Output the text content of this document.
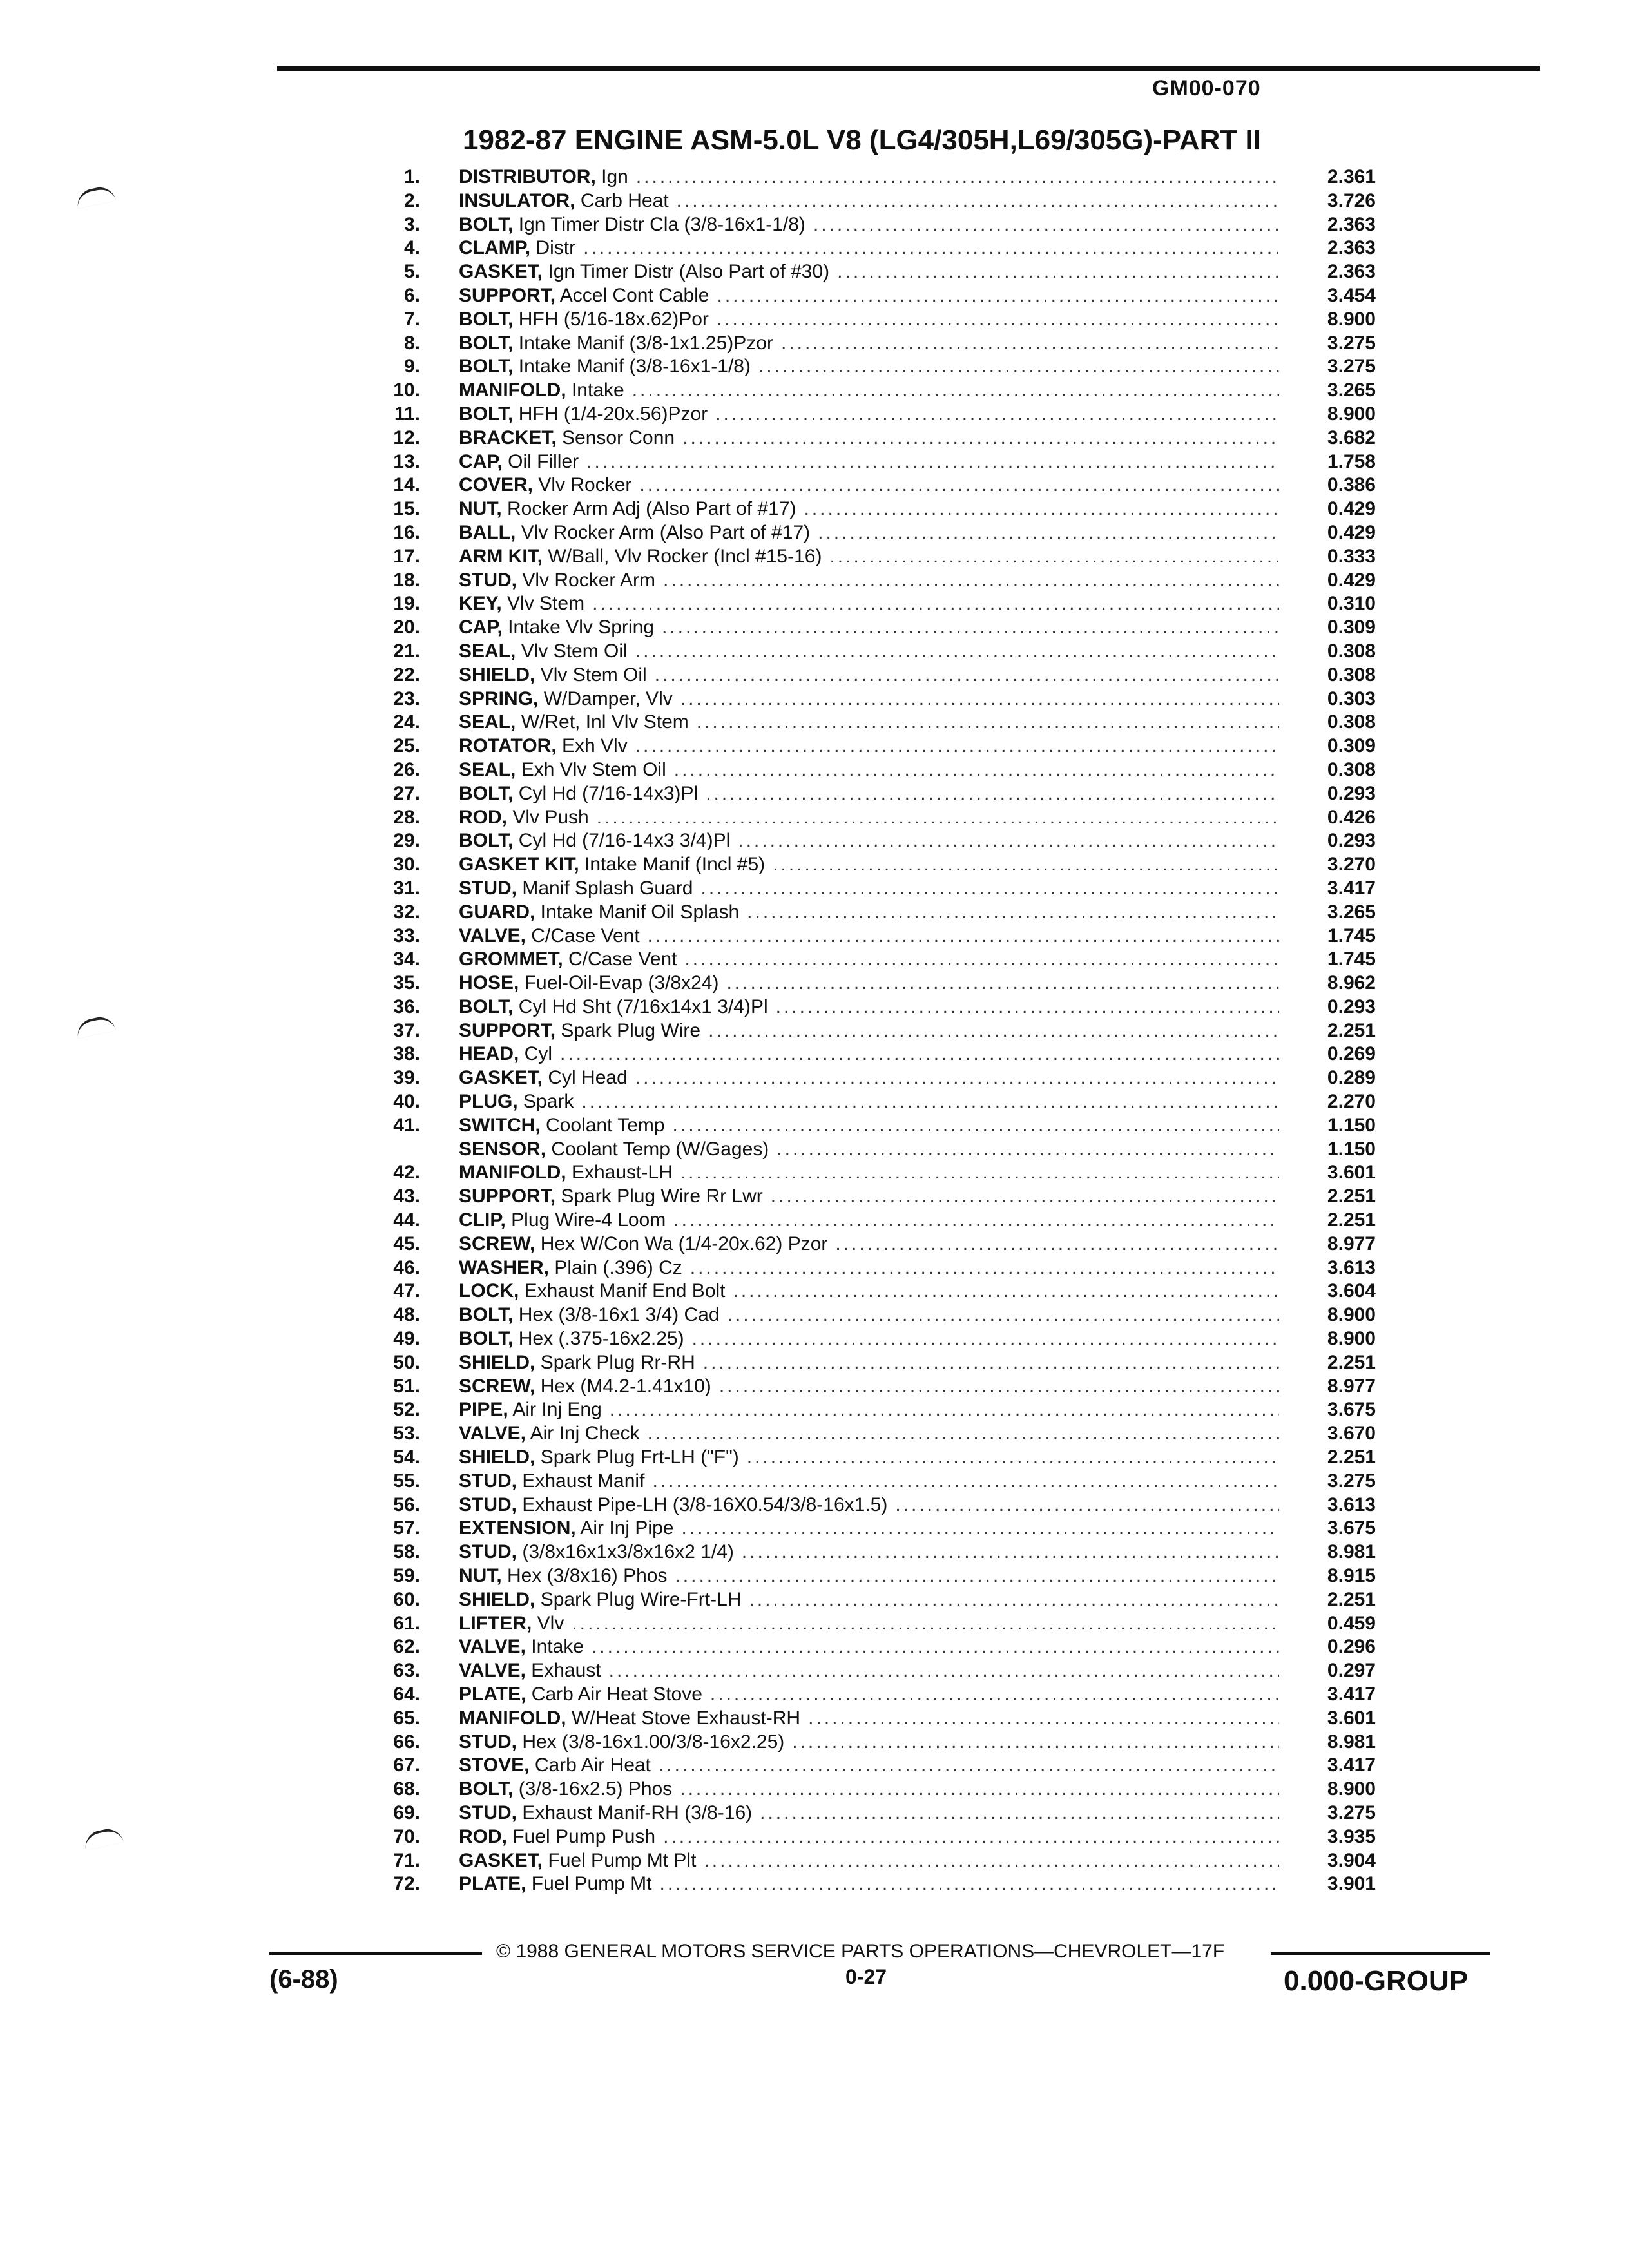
GM00-070
1982-87 ENGINE ASM-5.0L V8 (LG4/305H,L69/305G)-PART II
1. DISTRIBUTOR, Ign .....	2.361
2. INSULATOR, Carb Heat .....	3.726
3. BOLT, Ign Timer Distr Cla (3/8-16x1-1/8) .....	2.363
4. CLAMP, Distr .....	2.363
5. GASKET, Ign Timer Distr (Also Part of #30) .....	2.363
6. SUPPORT, Accel Cont Cable .....	3.454
7. BOLT, HFH (5/16-18x.62)Por .....	8.900
8. BOLT, Intake Manif (3/8-1x1.25)Pzor .....	3.275
9. BOLT, Intake Manif (3/8-16x1-1/8) .....	3.275
10. MANIFOLD, Intake .....	3.265
11. BOLT, HFH (1/4-20x.56)Pzor .....	8.900
12. BRACKET, Sensor Conn .....	3.682
13. CAP, Oil Filler .....	1.758
14. COVER, Vlv Rocker .....	0.386
15. NUT, Rocker Arm Adj (Also Part of #17) .....	0.429
16. BALL, Vlv Rocker Arm (Also Part of #17) .....	0.429
17. ARM KIT, W/Ball, Vlv Rocker (Incl #15-16) .....	0.333
18. STUD, Vlv Rocker Arm .....	0.429
19. KEY, Vlv Stem .....	0.310
20. CAP, Intake Vlv Spring .....	0.309
21. SEAL, Vlv Stem Oil .....	0.308
22. SHIELD, Vlv Stem Oil .....	0.308
23. SPRING, W/Damper, Vlv .....	0.303
24. SEAL, W/Ret, Inl Vlv Stem .....	0.308
25. ROTATOR, Exh Vlv .....	0.309
26. SEAL, Exh Vlv Stem Oil .....	0.308
27. BOLT, Cyl Hd (7/16-14x3)Pl .....	0.293
28. ROD, Vlv Push .....	0.426
29. BOLT, Cyl Hd (7/16-14x3 3/4)Pl .....	0.293
30. GASKET KIT, Intake Manif (Incl #5) .....	3.270
31. STUD, Manif Splash Guard .....	3.417
32. GUARD, Intake Manif Oil Splash .....	3.265
33. VALVE, C/Case Vent .....	1.745
34. GROMMET, C/Case Vent .....	1.745
35. HOSE, Fuel-Oil-Evap (3/8x24) .....	8.962
36. BOLT, Cyl Hd Sht (7/16x14x1 3/4)Pl .....	0.293
37. SUPPORT, Spark Plug Wire .....	2.251
38. HEAD, Cyl .....	0.269
39. GASKET, Cyl Head .....	0.289
40. PLUG, Spark .....	2.270
41. SWITCH, Coolant Temp .....	1.150
SENSOR, Coolant Temp (W/Gages) .....	1.150
42. MANIFOLD, Exhaust-LH .....	3.601
43. SUPPORT, Spark Plug Wire Rr Lwr .....	2.251
44. CLIP, Plug Wire-4 Loom .....	2.251
45. SCREW, Hex W/Con Wa (1/4-20x.62) Pzor .....	8.977
46. WASHER, Plain (.396) Cz .....	3.613
47. LOCK, Exhaust Manif End Bolt .....	3.604
48. BOLT, Hex (3/8-16x1 3/4) Cad .....	8.900
49. BOLT, Hex (.375-16x2.25) .....	8.900
50. SHIELD, Spark Plug Rr-RH .....	2.251
51. SCREW, Hex (M4.2-1.41x10) .....	8.977
52. PIPE, Air Inj Eng .....	3.675
53. VALVE, Air Inj Check .....	3.670
54. SHIELD, Spark Plug Frt-LH ("F") .....	2.251
55. STUD, Exhaust Manif .....	3.275
56. STUD, Exhaust Pipe-LH (3/8-16X0.54/3/8-16x1.5) .....	3.613
57. EXTENSION, Air Inj Pipe .....	3.675
58. STUD, (3/8x16x1x3/8x16x2 1/4) .....	8.981
59. NUT, Hex (3/8x16) Phos .....	8.915
60. SHIELD, Spark Plug Wire-Frt-LH .....	2.251
61. LIFTER, Vlv .....	0.459
62. VALVE, Intake .....	0.296
63. VALVE, Exhaust .....	0.297
64. PLATE, Carb Air Heat Stove .....	3.417
65. MANIFOLD, W/Heat Stove Exhaust-RH .....	3.601
66. STUD, Hex (3/8-16x1.00/3/8-16x2.25) .....	8.981
67. STOVE, Carb Air Heat .....	3.417
68. BOLT, (3/8-16x2.5) Phos .....	8.900
69. STUD, Exhaust Manif-RH (3/8-16) .....	3.275
70. ROD, Fuel Pump Push .....	3.935
71. GASKET, Fuel Pump Mt Plt .....	3.904
72. PLATE, Fuel Pump Mt .....	3.901
© 1988 GENERAL MOTORS SERVICE PARTS OPERATIONS—CHEVROLET—17F
(6-88)	0-27	0.000-GROUP
